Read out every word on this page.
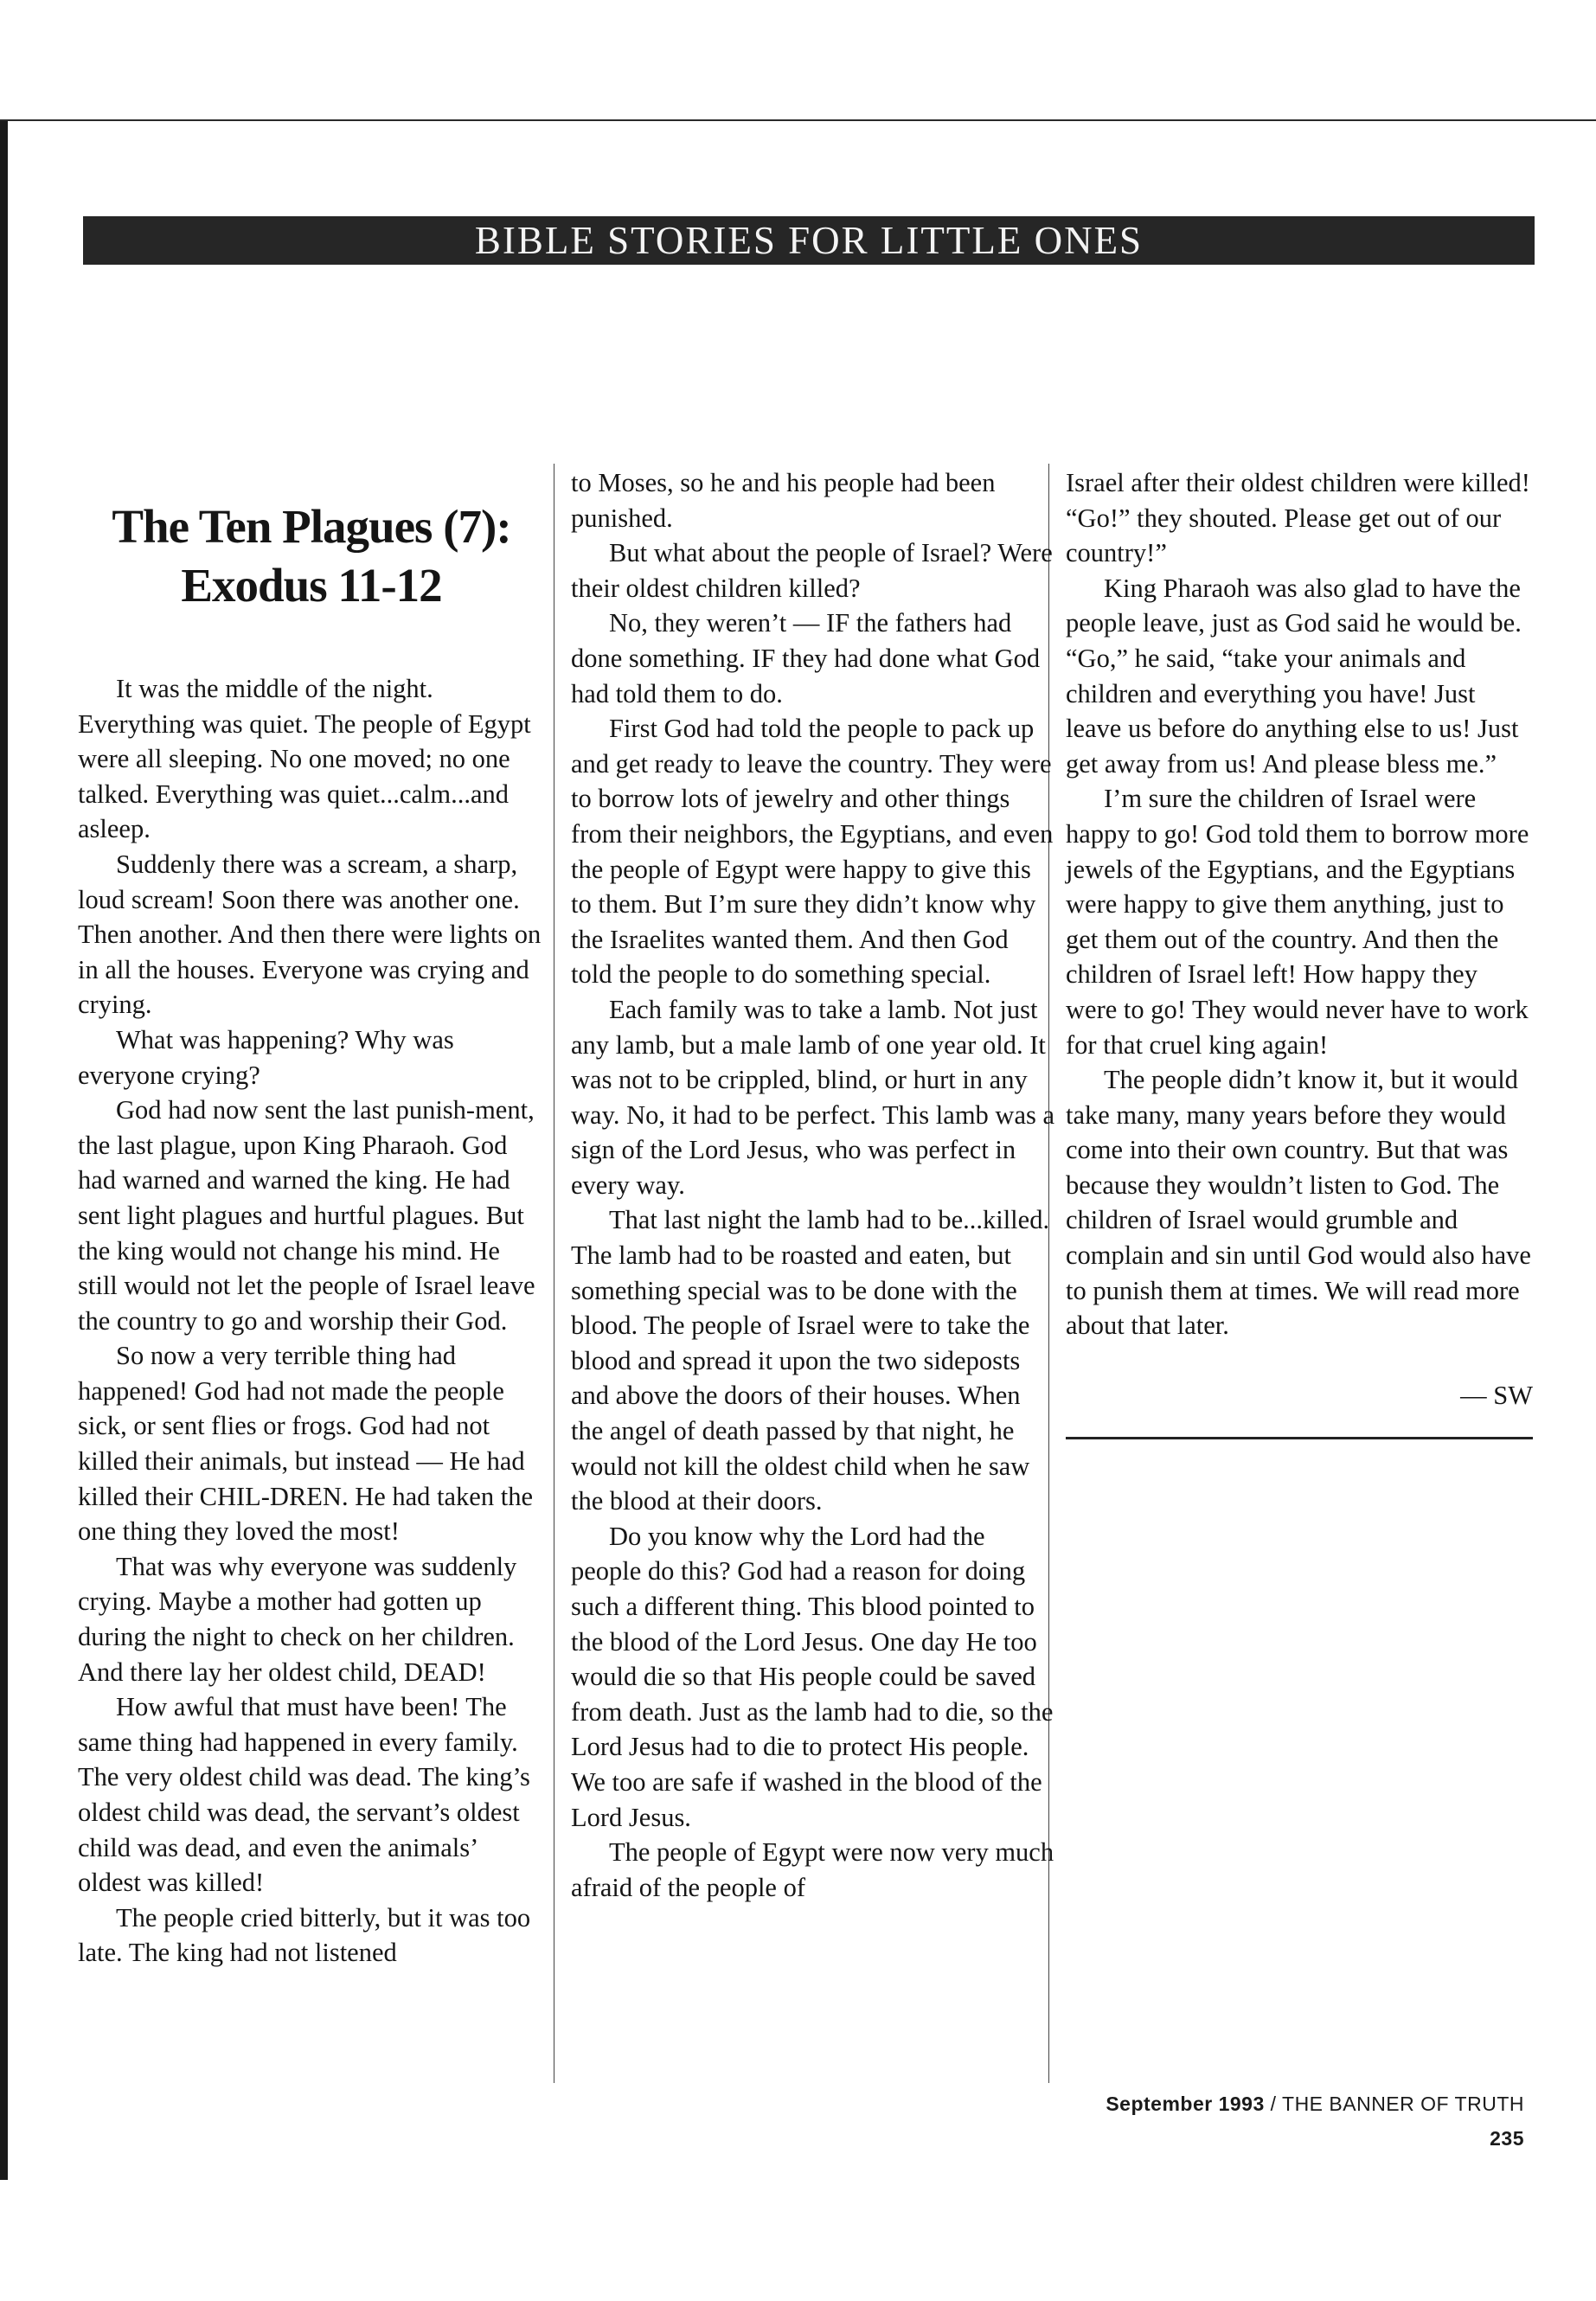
BIBLE STORIES FOR LITTLE ONES
The Ten Plagues (7):
Exodus 11-12

It was the middle of the night. Everything was quiet. The people of Egypt were all sleeping. No one moved; no one talked. Everything was quiet...calm...and asleep.

Suddenly there was a scream, a sharp, loud scream! Soon there was another one. Then another. And then there were lights on in all the houses. Everyone was crying and crying.

What was happening? Why was everyone crying?

God had now sent the last punish-ment, the last plague, upon King Pharaoh. God had warned and warned the king. He had sent light plagues and hurtful plagues. But the king would not change his mind. He still would not let the people of Israel leave the country to go and worship their God.

So now a very terrible thing had happened! God had not made the people sick, or sent flies or frogs. God had not killed their animals, but instead — He had killed their CHIL-DREN. He had taken the one thing they loved the most!

That was why everyone was suddenly crying. Maybe a mother had gotten up during the night to check on her children. And there lay her oldest child, DEAD!

How awful that must have been! The same thing had happened in every family. The very oldest child was dead. The king’s oldest child was dead, the servant’s oldest child was dead, and even the animals’ oldest was killed!

The people cried bitterly, but it was too late. The king had not listened

to Moses, so he and his people had been punished.

But what about the people of Israel? Were their oldest children killed?

No, they weren’t — IF the fathers had done something. IF they had done what God had told them to do.

First God had told the people to pack up and get ready to leave the country. They were to borrow lots of jewelry and other things from their neighbors, the Egyptians, and even the people of Egypt were happy to give this to them. But I’m sure they didn’t know why the Israelites wanted them. And then God told the people to do something special.

Each family was to take a lamb. Not just any lamb, but a male lamb of one year old. It was not to be crippled, blind, or hurt in any way. No, it had to be perfect. This lamb was a sign of the Lord Jesus, who was perfect in every way.

That last night the lamb had to be...killed. The lamb had to be roasted and eaten, but something special was to be done with the blood. The people of Israel were to take the blood and spread it upon the two sideposts and above the doors of their houses. When the angel of death passed by that night, he would not kill the oldest child when he saw the blood at their doors.

Do you know why the Lord had the people do this? God had a reason for doing such a different thing. This blood pointed to the blood of the Lord Jesus. One day He too would die so that His people could be saved from death. Just as the lamb had to die, so the Lord Jesus had to die to protect His people. We too are safe if washed in the blood of the Lord Jesus.

The people of Egypt were now very much afraid of the people of

Israel after their oldest children were killed! “Go!” they shouted. Please get out of our country!”

King Pharaoh was also glad to have the people leave, just as God said he would be. “Go,” he said, “take your animals and children and everything you have! Just leave us before do anything else to us! Just get away from us! And please bless me.”

I’m sure the children of Israel were happy to go! God told them to borrow more jewels of the Egyptians, and the Egyptians were happy to give them anything, just to get them out of the country. And then the children of Israel left! How happy they were to go! They would never have to work for that cruel king again!

The people didn’t know it, but it would take many, many years before they would come into their own country. But that was because they wouldn’t listen to God. The children of Israel would grumble and complain and sin until God would also have to punish them at times. We will read more about that later.

— SW

September 1993 / THE BANNER OF TRUTH 235
